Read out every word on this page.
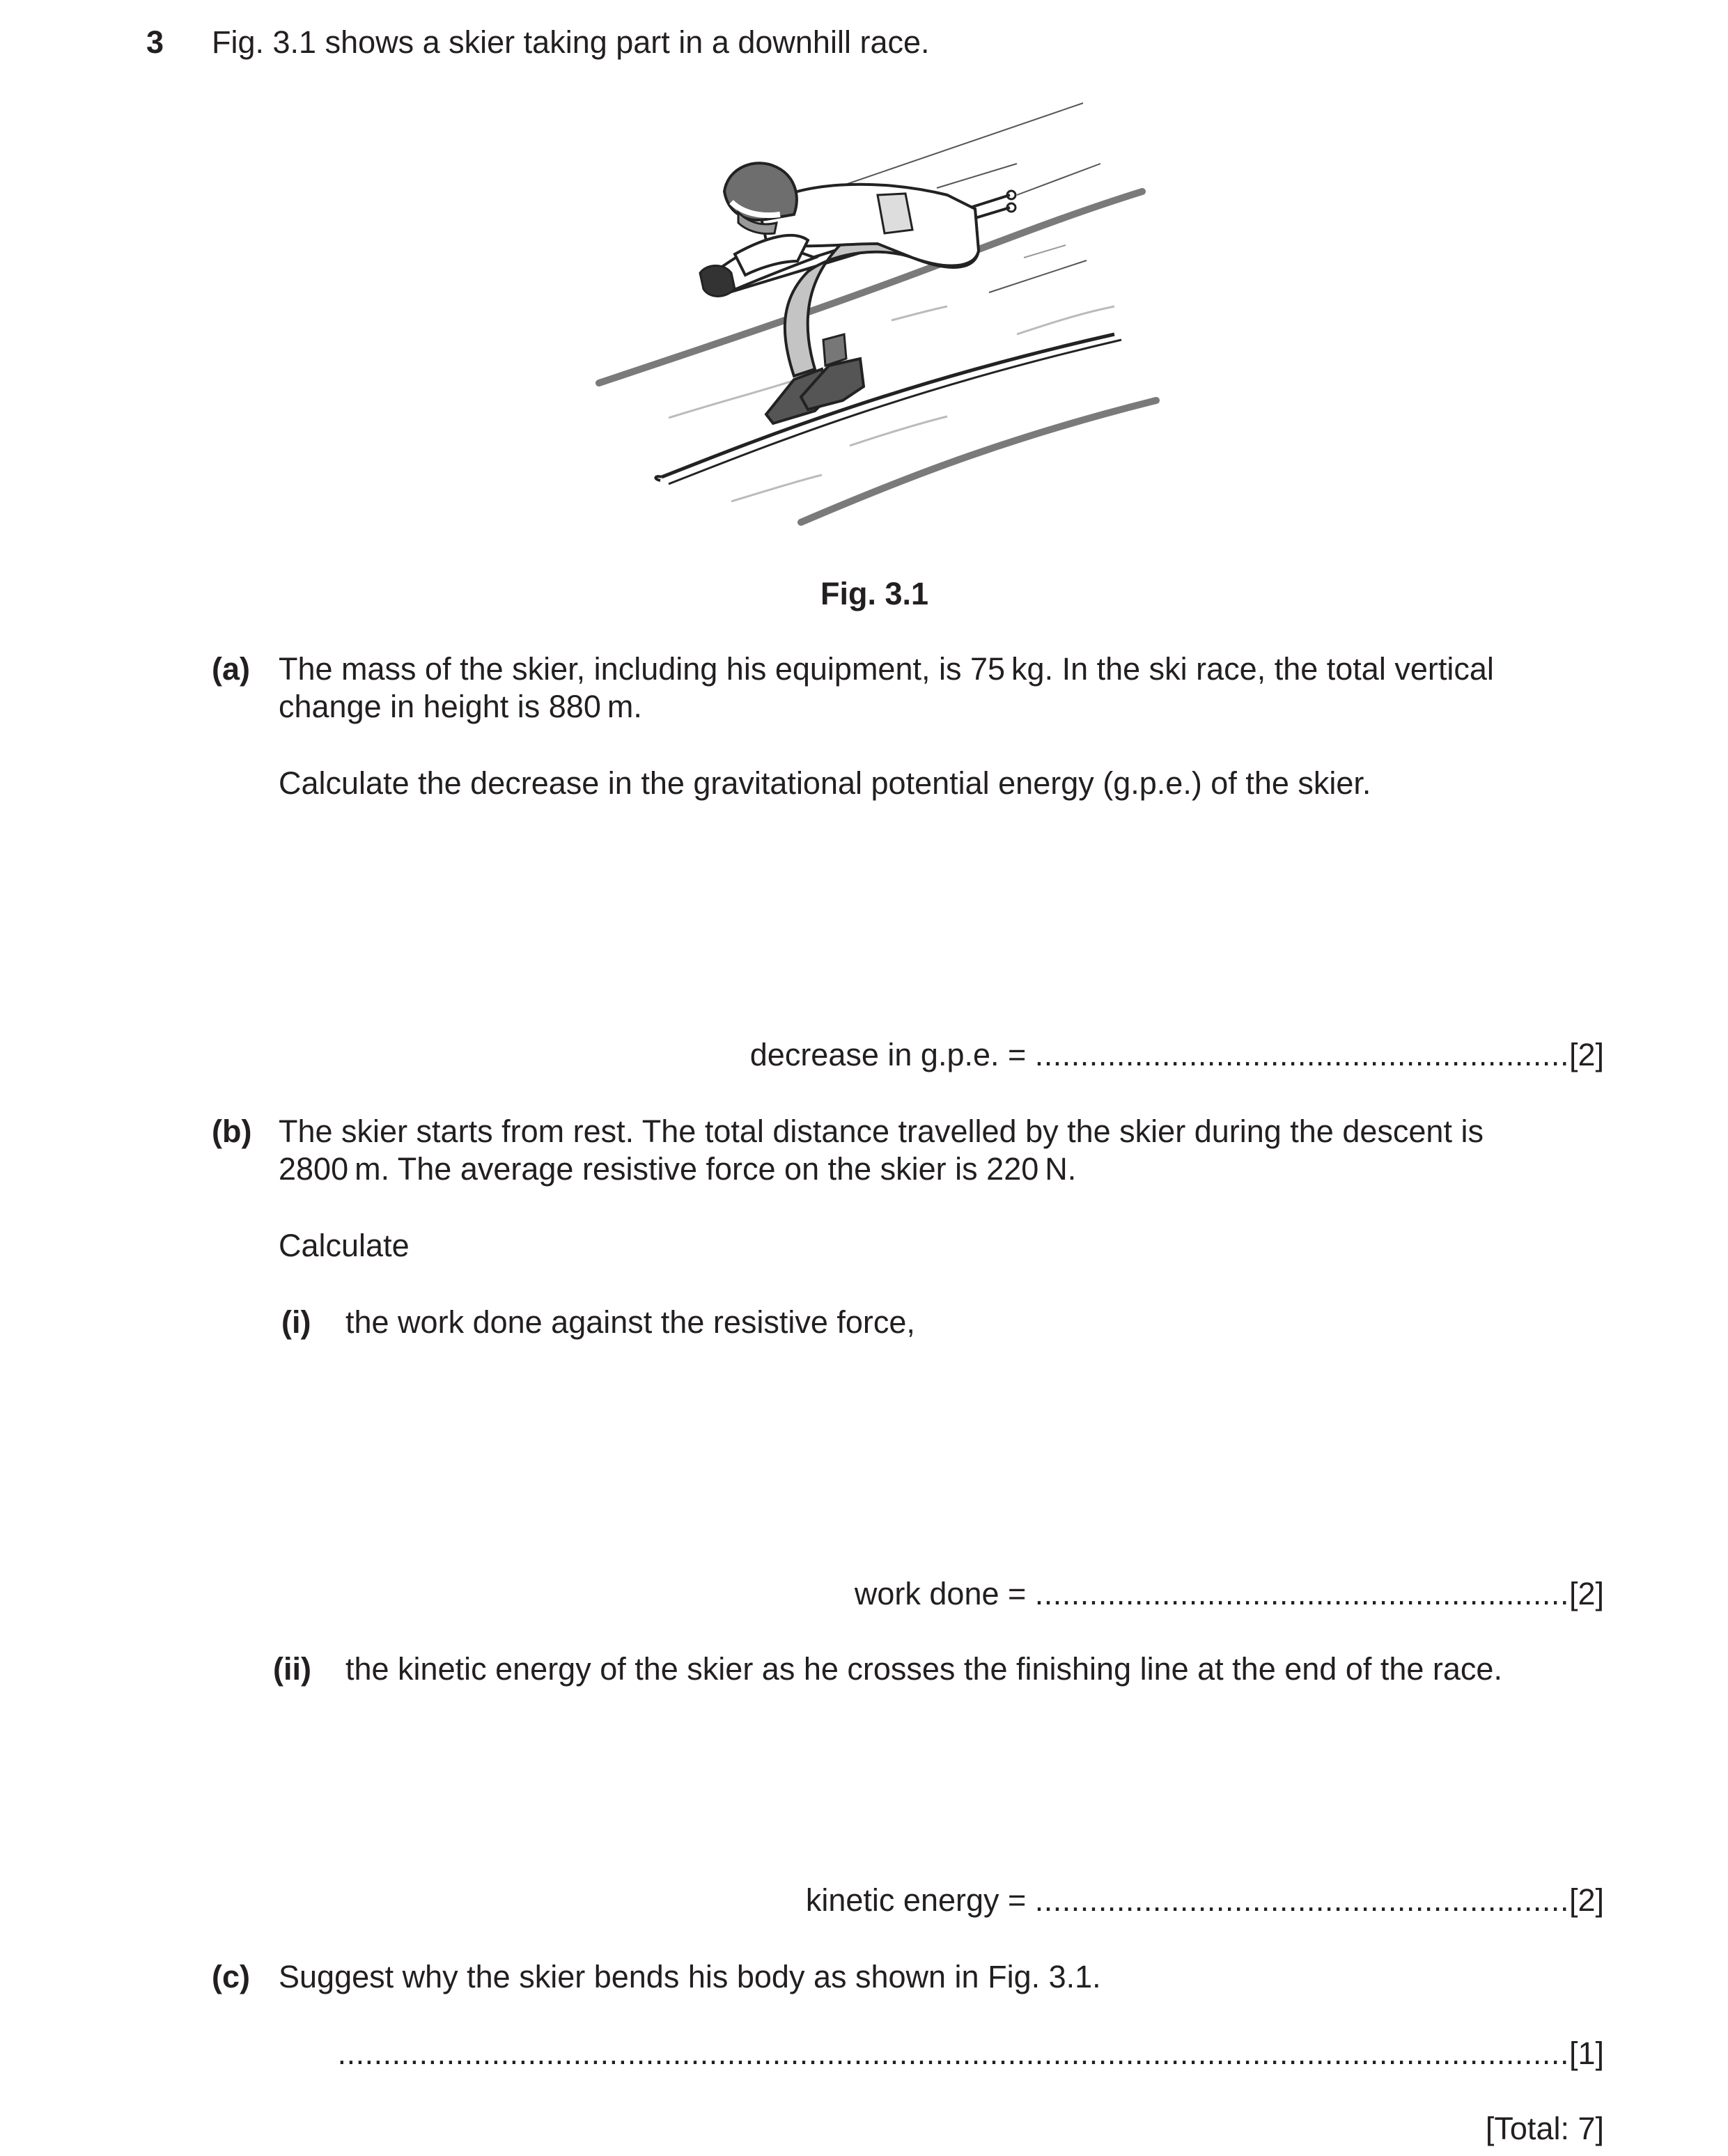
3 Fig. 3.1 shows a skier taking part in a downhill race.
Fig. 3.1
(a) The mass of the skier, including his equipment, is 75 kg. In the ski race, the total vertical
change in height is 880 m.
Calculate the decrease in the gravitational potential energy (g.p.e.) of the skier.
decrease in g.p.e. = ...........................................................[2]
(b) The skier starts from rest. The total distance travelled by the skier during the descent is
2800 m. The average resistive force on the skier is 220 N.
Calculate
(i) the work done against the resistive force,
work done = ...........................................................[2]
(ii) the kinetic energy of the skier as he crosses the finishing line at the end of the race.
kinetic energy = ...........................................................[2]
(c) Suggest why the skier bends his body as shown in Fig. 3.1.
........................................................................................................................................[1]
[Total: 7]
